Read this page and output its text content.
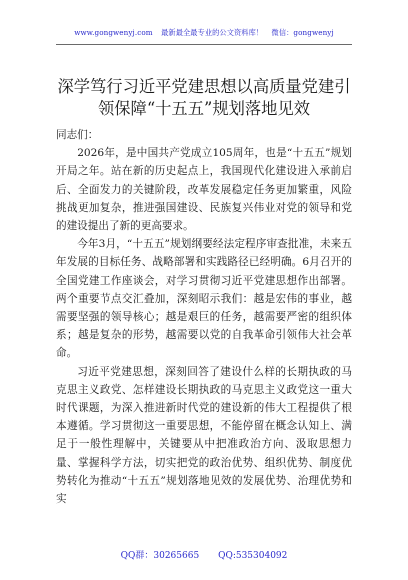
www.gongwenyj.com 最新最全最专业的公文资料库！ 微信：gongwenyj
深学笃行习近平党建思想以高质量党建引领保障“十五五”规划落地见效

同志们：

2026年，是中国共产党成立105周年，也是“十五五”规划开局之年。站在新的历史起点上，我国现代化建设进入承前启后、全面发力的关键阶段，改革发展稳定任务更加繁重，风险挑战更加复杂，推进强国建设、民族复兴伟业对党的领导和党的建设提出了新的更高要求。

今年3月，“十五五”规划纲要经法定程序审查批准，未来五年发展的目标任务、战略部署和实践路径已经明确。6月召开的全国党建工作座谈会，对学习贯彻习近平党建思想作出部署。两个重要节点交汇叠加，深刻昭示我们：越是宏伟的事业，越需要坚强的领导核心；越是艰巨的任务，越需要严密的组织体系；越是复杂的形势，越需要以党的自我革命引领伟大社会革命。

习近平党建思想，深刻回答了建设什么样的长期执政的马克思主义政党、怎样建设长期执政的马克思主义政党这一重大时代课题，为深入推进新时代党的建设新的伟大工程提供了根本遵循。学习贯彻这一重要思想，不能停留在概念认知上、满足于一般性理解中，关键要从中把准政治方向、汲取思想力量、掌握科学方法，切实把党的政治优势、组织优势、制度优势转化为推动“十五五”规划落地见效的发展优势、治理优势和实

QQ群：30265665 QQ:535304092
